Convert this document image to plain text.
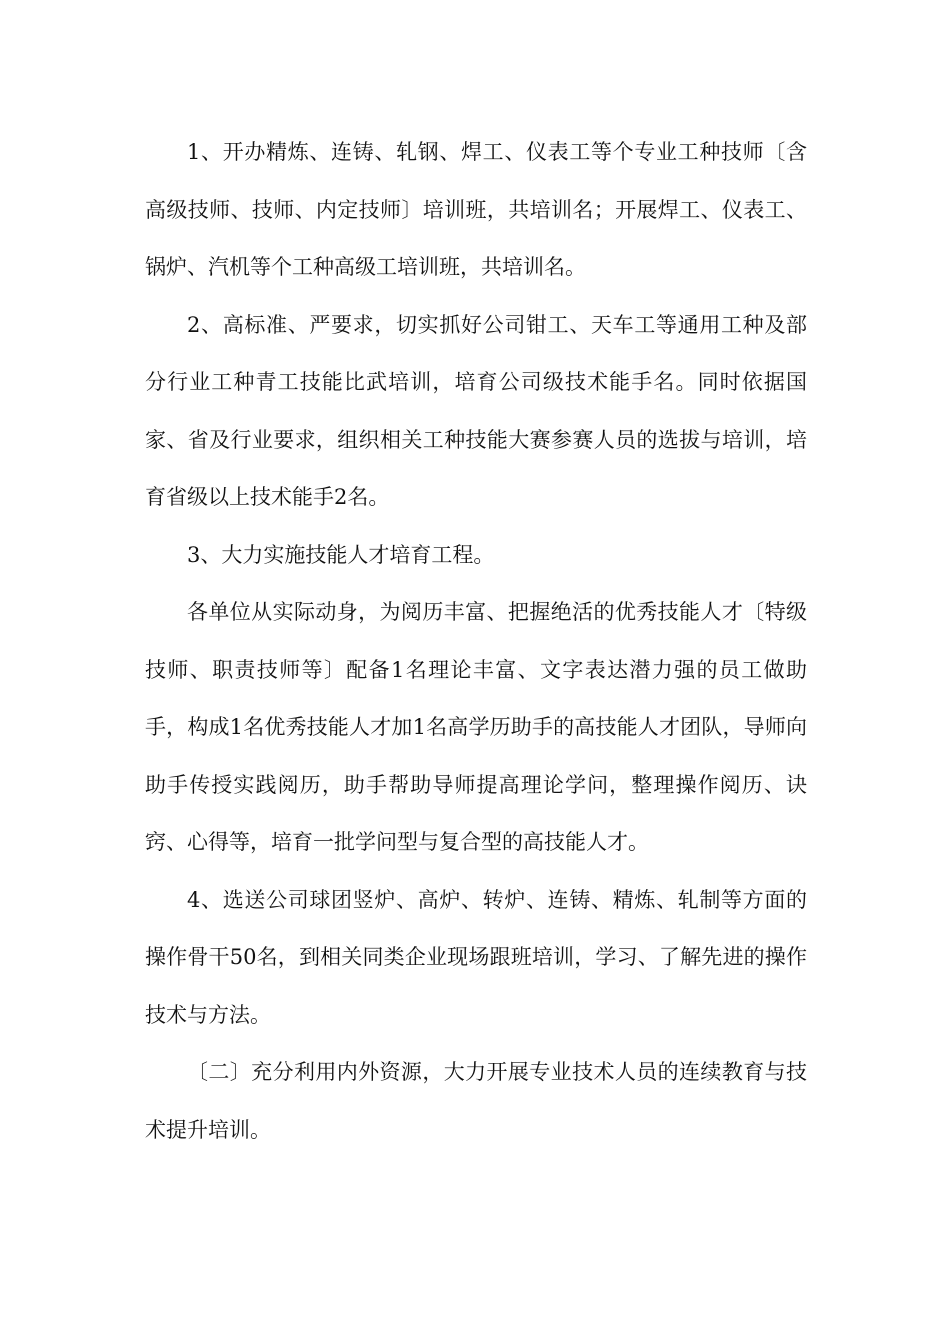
1、开办精炼、连铸、轧钢、焊工、仪表工等个专业工种技师〔含高级技师、技师、内定技师〕培训班，共培训名；开展焊工、仪表工、锅炉、汽机等个工种高级工培训班，共培训名。

2、高标准、严要求，切实抓好公司钳工、天车工等通用工种及部分行业工种青工技能比武培训，培育公司级技术能手名。同时依据国家、省及行业要求，组织相关工种技能大赛参赛人员的选拔与培训，培育省级以上技术能手2名。

3、大力实施技能人才培育工程。

各单位从实际动身，为阅历丰富、把握绝活的优秀技能人才〔特级技师、职责技师等〕配备1名理论丰富、文字表达潜力强的员工做助手，构成1名优秀技能人才加1名高学历助手的高技能人才团队，导师向助手传授实践阅历，助手帮助导师提高理论学问，整理操作阅历、诀窍、心得等，培育一批学问型与复合型的高技能人才。

4、选送公司球团竖炉、高炉、转炉、连铸、精炼、轧制等方面的操作骨干50名，到相关同类企业现场跟班培训，学习、了解先进的操作技术与方法。

〔二〕充分利用内外资源，大力开展专业技术人员的连续教育与技术提升培训。
